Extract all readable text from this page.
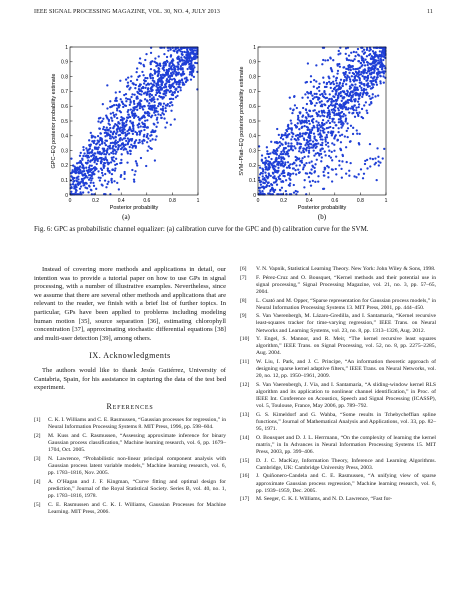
IEEE SIGNAL PROCESSING MAGAZINE, VOL. 30, NO. 4, JULY 2013	11
0	0.2	0.4	0.6	0.8	1
0
0.1
0.2
0.3
0.4
0.5
0.6
0.7
0.8
0.9
1
Posterior probability
GPC−EQ posterior probability estimate
0	0.2	0.4	0.6	0.8	1
0
0.1
0.2
0.3
0.4
0.5
0.6
0.7
0.8
0.9
1
Posterior probability
SVM−Platt−EQ posterior probability estimate
(a)	(b)
Fig. 6: GPC as probabilistic channel equalizer: (a) calibration curve for the GPC and (b) calibration curve for the SVM.

Instead of covering more methods and applications in detail, our intention was to provide a tutorial paper on how to use GPs in signal processing, with a number of illustrative examples. Nevertheless, since we assume that there are several other methods and applications that are relevant to the reader, we finish with a brief list of further topics. In particular, GPs have been applied to problems including modeling human motion [35], source separation [36], estimating chlorophyll concentration [37], approximating stochastic differential equations [38] and multi-user detection [39], among others.

IX. Acknowledgments

The authors would like to thank Jesús Gutiérrez, University of Cantabria, Spain, for his assistance in capturing the data of the test bed experiment.

References
[1] C. K. I. Williams and C. E. Rasmussen, “Gaussian processes for regression,” in Neural Information Processing Systems 8. MIT Press, 1996, pp. 598–604.
[2] M. Kuss and C. Rasmussen, “Assessing approximate inference for binary Gaussian process classification,” Machine learning research, vol. 6, pp. 1679–1704, Oct. 2005.
[3] N. Lawrence, “Probabilistic non-linear principal component analysis with Gaussian process latent variable models,” Machine learning research, vol. 6, pp. 1783–1816, Nov. 2005.
[4] A. O’Hagan and J. F. Kingman, “Curve fitting and optimal design for prediction,” Journal of the Royal Statistical Society. Series B, vol. 40, no. 1, pp. 1783–1816, 1978.
[5] C. E. Rasmussen and C. K. I. Williams, Gaussian Processes for Machine Learning. MIT Press, 2006.
[6] V. N. Vapnik, Statistical Learning Theory. New York: John Wiley & Sons, 1998.
[7] F. Pérez-Cruz and O. Bousquet, “Kernel methods and their potential use in signal processing,” Signal Processing Magazine, vol. 21, no. 3, pp. 57–65, 2004.
[8] L. Csató and M. Opper, “Sparse representation for Gaussian process models,” in Neural Information Processing Systems 13. MIT Press, 2001, pp. 444–450.
[9] S. Van Vaerenbergh, M. Lázaro-Gredilla, and I. Santamaría, “Kernel recursive least-squares tracker for time-varying regression,” IEEE Trans. on Neural Networks and Learning Systems, vol. 23, no. 8, pp. 1313–1326, Aug. 2012.
[10] Y. Engel, S. Mannor, and R. Meir, “The kernel recursive least squares algorithm,” IEEE Trans. on Signal Processing, vol. 52, no. 8, pp. 2275–2285, Aug. 2004.
[11] W. Liu, I. Park, and J. C. Principe, “An information theoretic approach of designing sparse kernel adaptive filters,” IEEE Trans. on Neural Networks, vol. 20, no. 12, pp. 1950–1961, 2009.
[12] S. Van Vaerenbergh, J. Vía, and I. Santamaría, “A sliding-window kernel RLS algorithm and its application to nonlinear channel identification,” in Proc. of IEEE Int. Conference on Acoustics, Speech and Signal Processing (ICASSP), vol. 5, Toulouse, France, May 2006, pp. 789–792.
[13] G. S. Kimeldorf and G. Wahba, “Some results in Tchebycheffian spline functions,” Journal of Mathematical Analysis and Applications, vol. 33, pp. 82–95, 1971.
[14] O. Bousquet and D. J. L. Herrmann, “On the complexity of learning the kernel matrix,” in In Advances in Neural Information Processing Systems 15. MIT Press, 2003, pp. 399–406.
[15] D. J. C. MacKay, Information Theory, Inference and Learning Algorithms. Cambridge, UK: Cambridge University Press, 2003.
[16] J. Quiñonero-Candela and C. E. Rasmussen, “A unifying view of sparse approximate Gaussian process regression,” Machine learning research, vol. 6, pp. 1939–1959, Dec. 2005.
[17] M. Seeger, C. K. I. Williams, and N. D. Lawrence, “Fast for-
